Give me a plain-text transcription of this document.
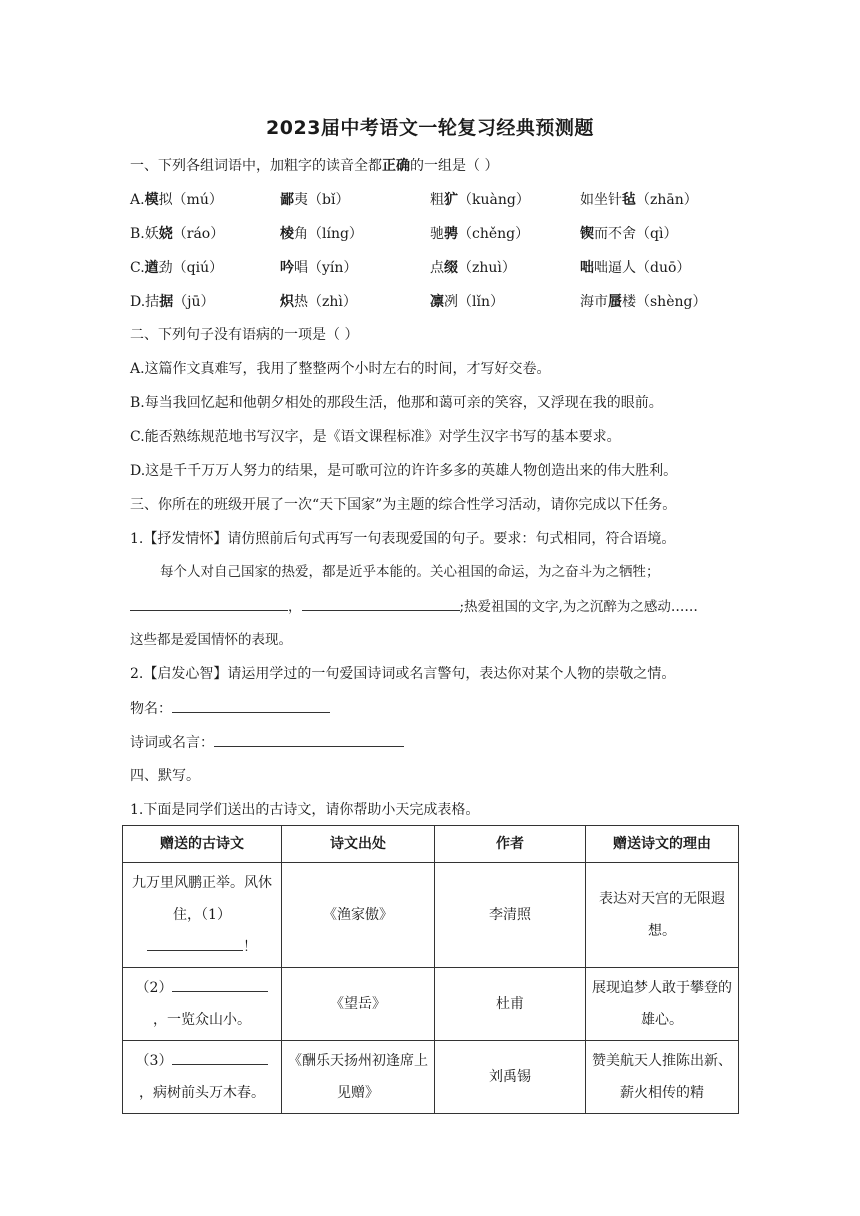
2023届中考语文一轮复习经典预测题
一、下列各组词语中，加粗字的读音全都正确的一组是（ ）
A.模拟（mú）	鄙夷（bǐ）	粗犷（kuàng）	如坐针毡（zhān）
B.妖娆（ráo）	棱角（líng）	驰骋（chěng）	锲而不舍（qì）
C.遒劲（qiú）	吟唱（yín）	点缀（zhuì）	咄咄逼人（duō）
D.拮据（jū）	炽热（zhì）	凛冽（lǐn）	海市蜃楼（shèng）
二、下列句子没有语病的一项是（ ）
A.这篇作文真难写，我用了整整两个小时左右的时间，才写好交卷。
B.每当我回忆起和他朝夕相处的那段生活，他那和蔼可亲的笑容，又浮现在我的眼前。
C.能否熟练规范地书写汉字，是《语文课程标准》对学生汉字书写的基本要求。
D.这是千千万万人努力的结果，是可歌可泣的许许多多的英雄人物创造出来的伟大胜利。
三、你所在的班级开展了一次“天下国家”为主题的综合性学习活动，请你完成以下任务。
1.【抒发情怀】请仿照前后句式再写一句表现爱国的句子。要求：句式相同，符合语境。
每个人对自己国家的热爱，都是近乎本能的。关心祖国的命运，为之奋斗为之牺牲；
，	;热爱祖国的文字,为之沉醉为之感动……
这些都是爱国情怀的表现。
2.【启发心智】请运用学过的一句爱国诗词或名言警句，表达你对某个人物的崇敬之情。
物名：
诗词或名言：
四、默写。
1.下面是同学们送出的古诗文，请你帮助小天完成表格。
赠送的古诗文	诗文出处	作者	赠送诗文的理由
九万里风鹏正举。风休住，（1）
！	《渔家傲》	李清照	表达对天宫的无限遐想。
（2），一览众山小。	《望岳》	杜甫	展现追梦人敢于攀登的雄心。
（3），病树前头万木春。	《酬乐天扬州初逢席上见赠》	刘禹锡	赞美航天人推陈出新、薪火相传的精
